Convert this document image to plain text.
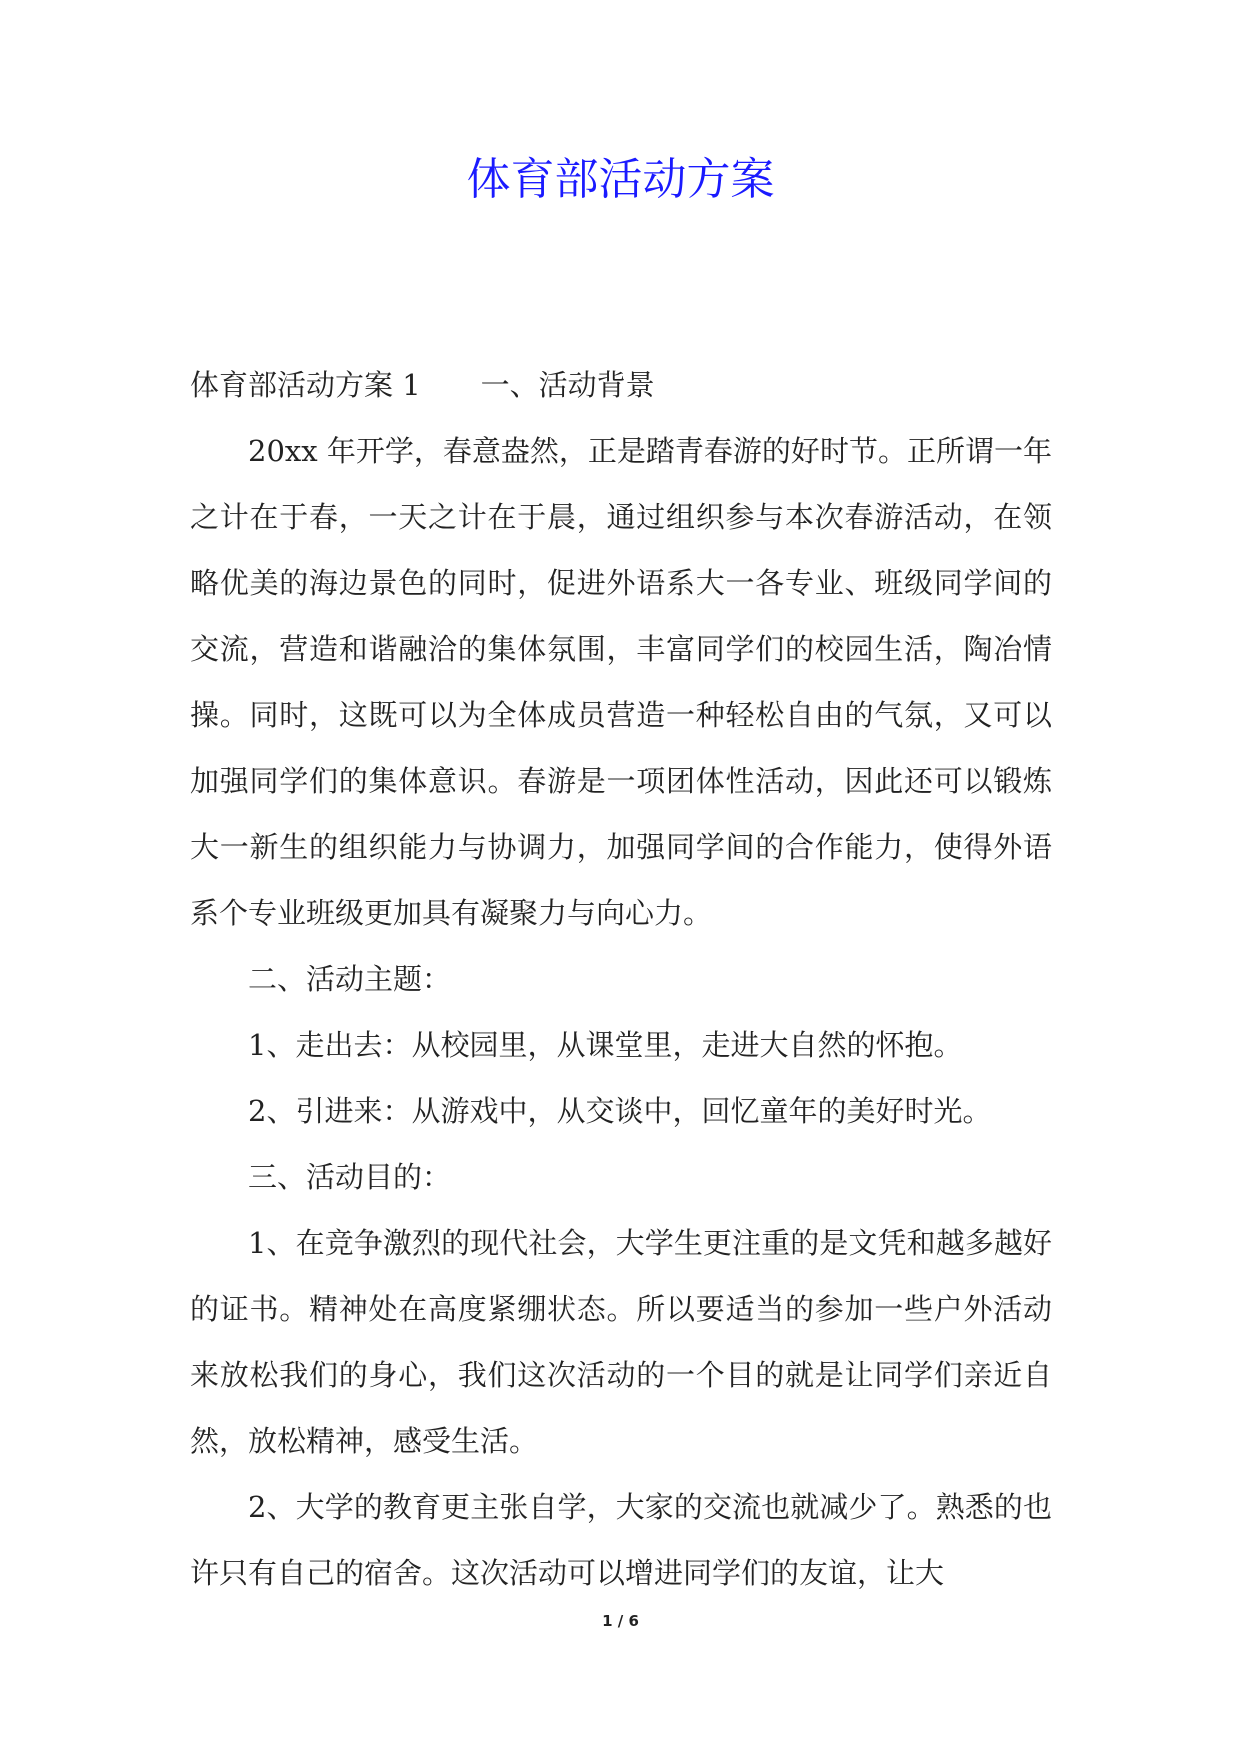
体育部活动方案

体育部活动方案 1 一、活动背景

20xx 年开学，春意盎然，正是踏青春游的好时节。正所谓一年之计在于春，一天之计在于晨，通过组织参与本次春游活动，在领略优美的海边景色的同时，促进外语系大一各专业、班级同学间的交流，营造和谐融洽的集体氛围，丰富同学们的校园生活，陶冶情操。同时，这既可以为全体成员营造一种轻松自由的气氛，又可以加强同学们的集体意识。春游是一项团体性活动，因此还可以锻炼大一新生的组织能力与协调力，加强同学间的合作能力，使得外语系个专业班级更加具有凝聚力与向心力。

二、活动主题：

1、走出去：从校园里，从课堂里，走进大自然的怀抱。

2、引进来：从游戏中，从交谈中，回忆童年的美好时光。

三、活动目的：

1、在竞争激烈的现代社会，大学生更注重的是文凭和越多越好的证书。精神处在高度紧绷状态。所以要适当的参加一些户外活动来放松我们的身心，我们这次活动的一个目的就是让同学们亲近自然，放松精神，感受生活。

2、大学的教育更主张自学，大家的交流也就减少了。熟悉的也许只有自己的宿舍。这次活动可以增进同学们的友谊，让大

1 / 6
